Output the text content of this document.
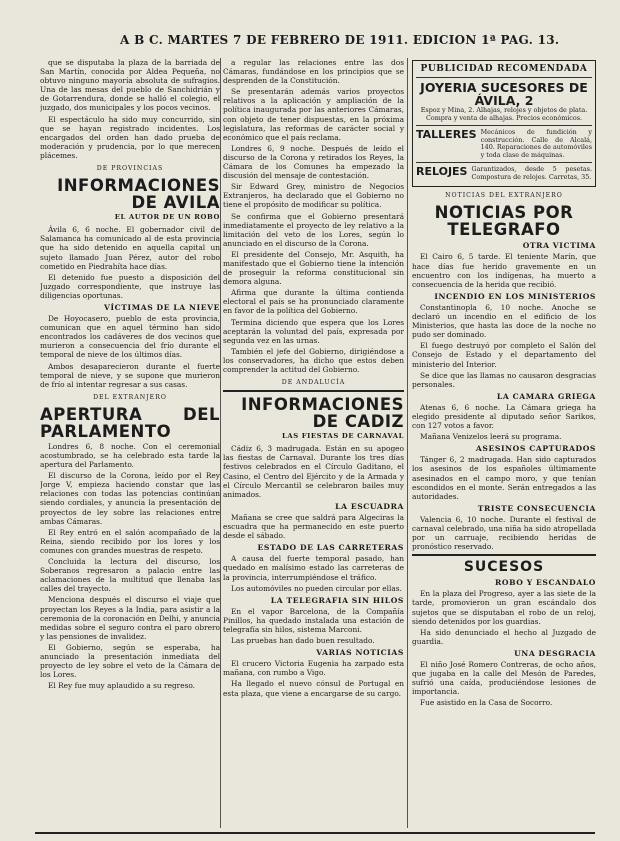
A B C. MARTES 7 DE FEBRERO DE 1911. EDICION 1ª PAG. 13.

que se disputaba la plaza de la barriada de San Martín, conocida por Aldea Pequeña, no obtuvo ninguno mayoría absoluta de sufragios. Una de las mesas del pueblo de Sanchidrián y de Gotarrendura, donde se halló el colegio, el juzgado, dos municipales y los pocos vecinos.

El espectáculo ha sido muy concurrido, sin que se hayan registrado incidentes. Los encargados del orden han dado prueba de moderación y prudencia, por lo que merecen plácemes.

DE PROVINCIAS
INFORMACIONES DE AVILA
EL AUTOR DE UN ROBO

Ávila 6, 6 noche. El gobernador civil de Salamanca ha comunicado al de esta provincia que ha sido detenido en aquella capital un sujeto llamado Juan Pérez, autor del robo cometido en Piedrahíta hace días.

El detenido fue puesto a disposición del Juzgado correspondiente, que instruye las diligencias oportunas.

VÍCTIMAS DE LA NIEVE

De Hoyocasero, pueblo de esta provincia, comunican que en aquel término han sido encontrados los cadáveres de dos vecinos que murieron a consecuencia del frío durante el temporal de nieve de los últimos días.

Ambos desaparecieron durante el fuerte temporal de nieve, y se supone que murieron de frío al intentar regresar a sus casas.

DEL EXTRANJERO
APERTURA DEL PARLAMENTO

Londres 6, 8 noche. Con el ceremonial acostumbrado, se ha celebrado esta tarde la apertura del Parlamento.

El discurso de la Corona, leído por el Rey Jorge V, empieza haciendo constar que las relaciones con todas las potencias continúan siendo cordiales, y anuncia la presentación de proyectos de ley sobre las relaciones entre ambas Cámaras.

El Rey entró en el salón acompañado de la Reina, siendo recibido por los lores y los comunes con grandes muestras de respeto.

Concluida la lectura del discurso, los Soberanos regresaron a palacio entre las aclamaciones de la multitud que llenaba las calles del trayecto.

Menciona después el discurso el viaje que proyectan los Reyes a la India, para asistir a la ceremonia de la coronación en Delhi, y anuncia medidas sobre el seguro contra el paro obrero y las pensiones de invalidez.

El Gobierno, según se esperaba, ha anunciado la presentación inmediata del proyecto de ley sobre el veto de la Cámara de los Lores.

El Rey fue muy aplaudido a su regreso.

a regular las relaciones entre las dos Cámaras, fundándose en los principios que se desprenden de la Constitución.

Se presentarán además varios proyectos relativos a la aplicación y ampliación de la política inaugurada por las anteriores Cámaras, con objeto de tener dispuestas, en la próxima legislatura, las reformas de carácter social y económico que el país reclama.

Londres 6, 9 noche. Después de leído el discurso de la Corona y retirados los Reyes, la Cámara de los Comunes ha empezado la discusión del mensaje de contestación.

Sir Edward Grey, ministro de Negocios Extranjeros, ha declarado que el Gobierno no tiene el propósito de modificar su política.

Se confirma que el Gobierno presentará inmediatamente el proyecto de ley relativo a la limitación del veto de los Lores, según lo anunciado en el discurso de la Corona.

El presidente del Consejo, Mr. Asquith, ha manifestado que el Gobierno tiene la intención de proseguir la reforma constitucional sin demora alguna.

Afirma que durante la última contienda electoral el país se ha pronunciado claramente en favor de la política del Gobierno.

Termina diciendo que espera que los Lores aceptarán la voluntad del país, expresada por segunda vez en las urnas.

También el jefe del Gobierno, dirigiéndose a los conservadores, ha dicho que estos deben comprender la actitud del Gobierno.

DE ANDALUCÍA
INFORMACIONES DE CADIZ
LAS FIESTAS DE CARNAVAL

Cádiz 6, 3 madrugada. Están en su apogeo las fiestas de Carnaval. Durante los tres días festivos celebrados en el Círculo Gaditano, el Casino, el Centro del Ejército y de la Armada y el Círculo Mercantil se celebraron bailes muy animados.

LA ESCUADRA

Mañana se cree que saldrá para Algeciras la escuadra que ha permanecido en este puerto desde el sábado.

ESTADO DE LAS CARRETERAS

A causa del fuerte temporal pasado, han quedado en malísimo estado las carreteras de la provincia, interrumpiéndose el tráfico.

Los automóviles no pueden circular por ellas.

LA TELEGRAFIA SIN HILOS

En el vapor Barcelona, de la Compañía Pinillos, ha quedado instalada una estación de telegrafía sin hilos, sistema Marconi.

Las pruebas han dado buen resultado.

VARIAS NOTICIAS

El crucero Victoria Eugenia ha zarpado esta mañana, con rumbo a Vigo.

Ha llegado el nuevo cónsul de Portugal en esta plaza, que viene a encargarse de su cargo.

PUBLICIDAD RECOMENDADA
JOYERIA SUCESORES DE ÁVILA, 2
Espoz y Mina, 2. Alhajas, relojes y objetos de plata. Compra y venta de alhajas. Precios económicos.
TALLERES Mecánicos de fundición y construcción. Calle de Alcalá, 140. Reparaciones de automóviles y toda clase de máquinas.
RELOJES Garantizados, desde 5 pesetas. Compostura de relojes. Carretas, 35.
NOTICIAS DEL EXTRANJERO
NOTICIAS POR TELEGRAFO
OTRA VICTIMA

El Cairo 6, 5 tarde. El teniente Marín, que hace días fue herido gravemente en un encuentro con los indígenas, ha muerto a consecuencia de la herida que recibió.

INCENDIO EN LOS MINISTERIOS

Constantinopla 6, 10 noche. Anoche se declaró un incendio en el edificio de los Ministerios, que hasta las doce de la noche no pudo ser dominado.

El fuego destruyó por completo el Salón del Consejo de Estado y el departamento del ministerio del Interior.

Se dice que las llamas no causaron desgracias personales.

LA CAMARA GRIEGA

Atenas 6, 6 noche. La Cámara griega ha elegido presidente al diputado señor Sarikos, con 127 votos a favor.

Mañana Venizelos leerá su programa.

ASESINOS CAPTURADOS

Tánger 6, 2 madrugada. Han sido capturados los asesinos de los españoles últimamente asesinados en el campo moro, y que tenían escondidos en el monte. Serán entregados a las autoridades.

TRISTE CONSECUENCIA

Valencia 6, 10 noche. Durante el festival de carnaval celebrado, una niña ha sido atropellada por un carruaje, recibiendo heridas de pronóstico reservado.

SUCESOS
ROBO Y ESCANDALO

En la plaza del Progreso, ayer a las siete de la tarde, promovieron un gran escándalo dos sujetos que se disputaban el robo de un reloj, siendo detenidos por los guardias.

Ha sido denunciado el hecho al Juzgado de guardia.

UNA DESGRACIA

El niño José Romero Contreras, de ocho años, que jugaba en la calle del Mesón de Paredes, sufrió una caída, produciéndose lesiones de importancia.

Fue asistido en la Casa de Socorro.
